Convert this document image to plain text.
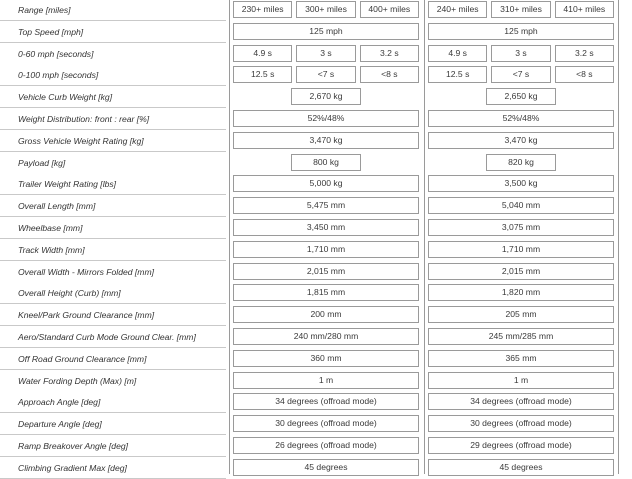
Range [miles]	230+ miles	300+ miles	400+ miles	240+ miles	310+ miles	410+ miles
Top Speed [mph]	125 mph	125 mph
0-60 mph [seconds]	4.9 s	3 s	3.2 s	4.9 s	3 s	3.2 s
0-100 mph [seconds]	12.5 s	<7 s	<8 s	12.5 s	<7 s	<8 s
Vehicle Curb Weight [kg]	2,670 kg	2,650 kg
Weight Distribution: front : rear [%]	52%/48%	52%/48%
Gross Vehicle Weight Rating [kg]	3,470 kg	3,470 kg
Payload [kg]	800 kg	820 kg
Trailer Weight Rating [lbs]	5,000 kg	3,500 kg
Overall Length [mm]	5,475 mm	5,040 mm
Wheelbase [mm]	3,450 mm	3,075 mm
Track Width [mm]	1,710 mm	1,710 mm
Overall Width - Mirrors Folded [mm]	2,015 mm	2,015 mm
Overall Height (Curb) [mm]	1,815 mm	1,820 mm
Kneel/Park Ground Clearance [mm]	200 mm	205 mm
Aero/Standard Curb Mode Ground Clear. [mm]	240 mm/280 mm	245 mm/285 mm
Off Road Ground Clearance [mm]	360 mm	365 mm
Water Fording Depth (Max) [m]	1 m	1 m
Approach Angle [deg]	34 degrees (offroad mode)	34 degrees (offroad mode)
Departure Angle [deg]	30 degrees (offroad mode)	30 degrees (offroad mode)
Ramp Breakover Angle [deg]	26 degrees (offroad mode)	29 degrees (offroad mode)
Climbing Gradient Max [deg]	45 degrees	45 degrees
